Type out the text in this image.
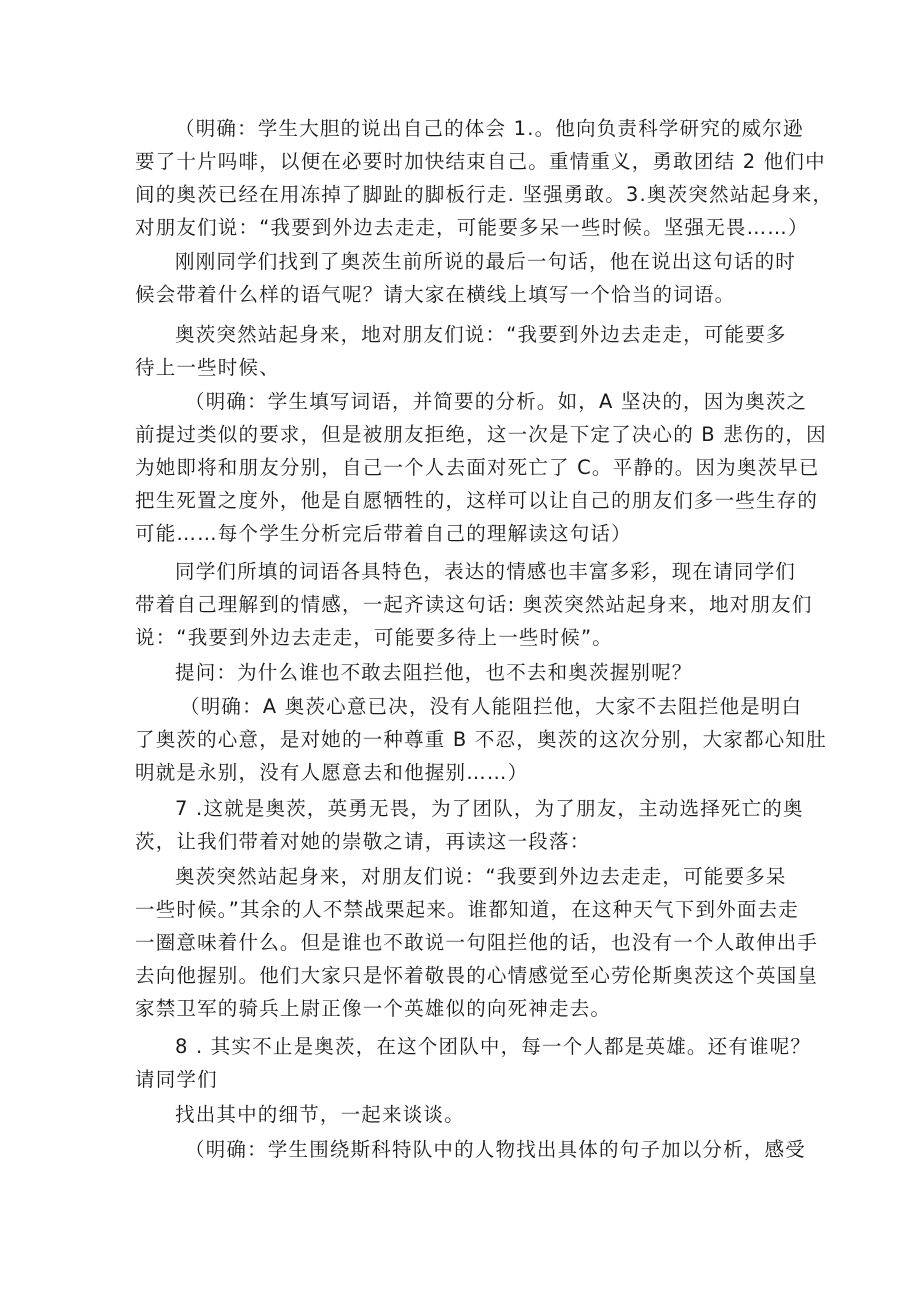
（明确：学生大胆的说出自己的体会 1.。他向负责科学研究的威尔逊
要了十片吗啡，以便在必要时加快结束自己。重情重义，勇敢团结 2 他们中
间的奥茨已经在用冻掉了脚趾的脚板行走. 坚强勇敢。3.奥茨突然站起身来，
对朋友们说：“我要到外边去走走，可能要多呆一些时候。坚强无畏……）
刚刚同学们找到了奥茨生前所说的最后一句话，他在说出这句话的时
候会带着什么样的语气呢？请大家在横线上填写一个恰当的词语。
奥茨突然站起身来，地对朋友们说：“我要到外边去走走，可能要多
待上一些时候、
（明确：学生填写词语，并简要的分析。如，A 坚决的，因为奥茨之
前提过类似的要求，但是被朋友拒绝，这一次是下定了决心的 B 悲伤的，因
为她即将和朋友分别，自己一个人去面对死亡了 C。平静的。因为奥茨早已
把生死置之度外，他是自愿牺牲的，这样可以让自己的朋友们多一些生存的
可能……每个学生分析完后带着自己的理解读这句话）
同学们所填的词语各具特色，表达的情感也丰富多彩，现在请同学们
带着自己理解到的情感，一起齐读这句话: 奥茨突然站起身来，地对朋友们
说：“我要到外边去走走，可能要多待上一些时候”。
提问：为什么谁也不敢去阻拦他，也不去和奥茨握别呢？
（明确：A 奥茨心意已决，没有人能阻拦他，大家不去阻拦他是明白
了奥茨的心意，是对她的一种尊重 B 不忍，奥茨的这次分别，大家都心知肚
明就是永别，没有人愿意去和他握别……）
7 .这就是奥茨，英勇无畏，为了团队，为了朋友，主动选择死亡的奥
茨，让我们带着对她的崇敬之请，再读这一段落：
奥茨突然站起身来，对朋友们说：“我要到外边去走走，可能要多呆
一些时候。”其余的人不禁战栗起来。谁都知道，在这种天气下到外面去走
一圈意味着什么。但是谁也不敢说一句阻拦他的话，也没有一个人敢伸出手
去向他握别。他们大家只是怀着敬畏的心情感觉至心劳伦斯奥茨这个英国皇
家禁卫军的骑兵上尉正像一个英雄似的向死神走去。
8 . 其实不止是奥茨，在这个团队中，每一个人都是英雄。还有谁呢？
请同学们
找出其中的细节，一起来谈谈。
（明确：学生围绕斯科特队中的人物找出具体的句子加以分析，感受
